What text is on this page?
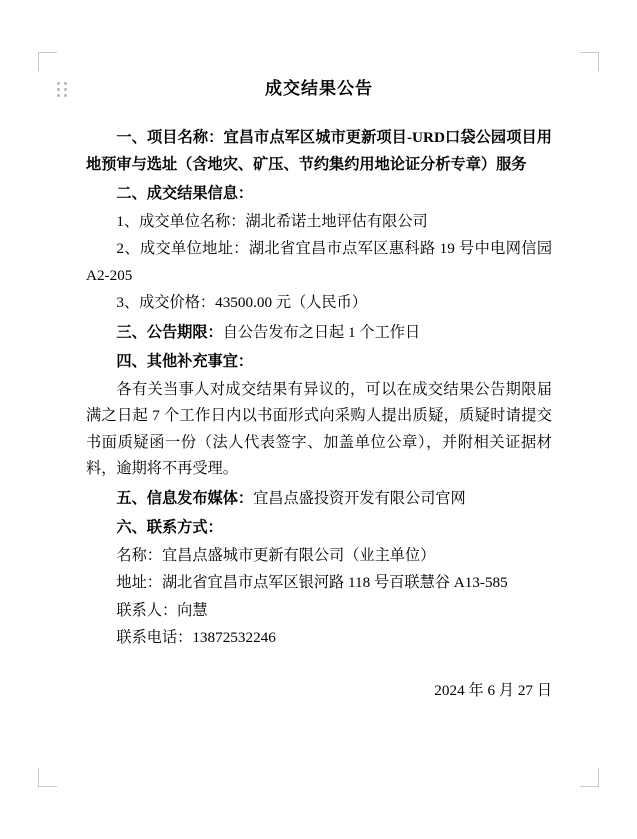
成交结果公告

一、项目名称：宜昌市点军区城市更新项目-URD口袋公园项目用地预审与选址（含地灾、矿压、节约集约用地论证分析专章）服务

二、成交结果信息：

1、成交单位名称：湖北希诺土地评估有限公司

2、成交单位地址：湖北省宜昌市点军区惠科路 19 号中电网信园A2-205

3、成交价格：43500.00 元（人民币）

三、公告期限：自公告发布之日起 1 个工作日

四、其他补充事宜：

各有关当事人对成交结果有异议的，可以在成交结果公告期限届满之日起 7 个工作日内以书面形式向采购人提出质疑，质疑时请提交书面质疑函一份（法人代表签字、加盖单位公章），并附相关证据材料，逾期将不再受理。

五、信息发布媒体：宜昌点盛投资开发有限公司官网

六、联系方式：

名称：宜昌点盛城市更新有限公司（业主单位）

地址：湖北省宜昌市点军区银河路 118 号百联慧谷 A13-585

联系人：向慧

联系电话：13872532246

2024 年 6 月 27 日
